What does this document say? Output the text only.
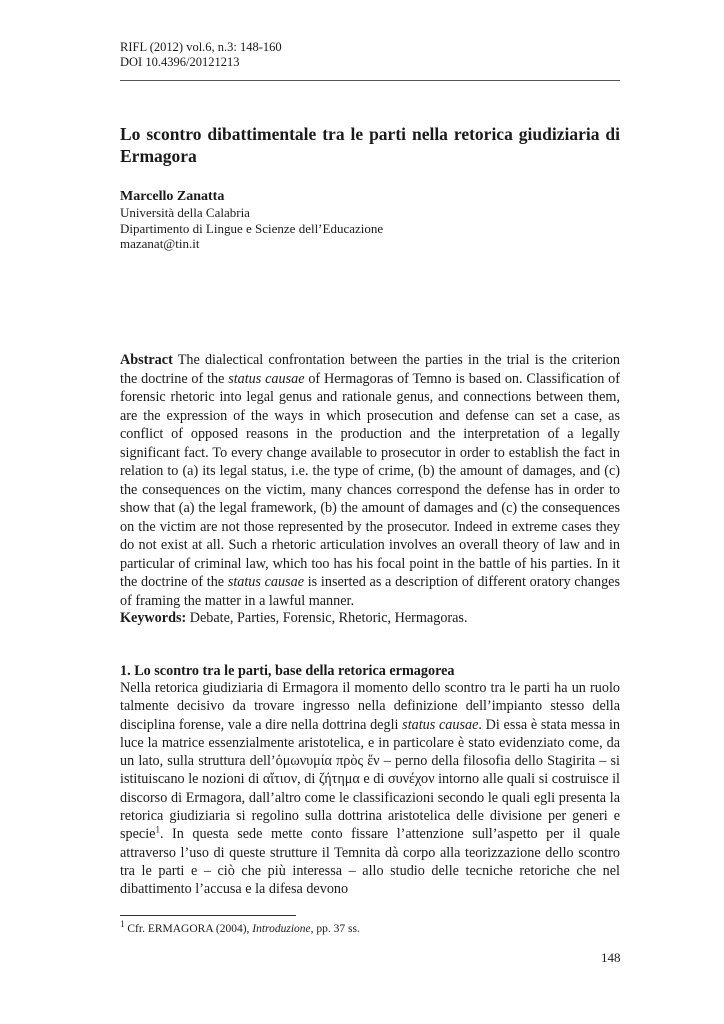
RIFL (2012) vol.6, n.3: 148-160
DOI 10.4396/20121213
Lo scontro dibattimentale tra le parti nella retorica giudiziaria di Ermagora
Marcello Zanatta
Università della Calabria
Dipartimento di Lingue e Scienze dell’Educazione
mazanat@tin.it

Abstract The dialectical confrontation between the parties in the trial is the criterion the doctrine of the status causae of Hermagoras of Temno is based on. Classification of forensic rhetoric into legal genus and rationale genus, and connections between them, are the expression of the ways in which prosecution and defense can set a case, as conflict of opposed reasons in the production and the interpretation of a legally significant fact. To every change available to prosecutor in order to establish the fact in relation to (a) its legal status, i.e. the type of crime, (b) the amount of damages, and (c) the consequences on the victim, many chances correspond the defense has in order to show that (a) the legal framework, (b) the amount of damages and (c) the consequences on the victim are not those represented by the prosecutor. Indeed in extreme cases they do not exist at all. Such a rhetoric articulation involves an overall theory of law and in particular of criminal law, which too has his focal point in the battle of his parties. In it the doctrine of the status causae is inserted as a description of different oratory changes of framing the matter in a lawful manner.

Keywords: Debate, Parties, Forensic, Rhetoric, Hermagoras.

1. Lo scontro tra le parti, base della retorica ermagorea

Nella retorica giudiziaria di Ermagora il momento dello scontro tra le parti ha un ruolo talmente decisivo da trovare ingresso nella definizione dell’impianto stesso della disciplina forense, vale a dire nella dottrina degli status causae. Di essa è stata messa in luce la matrice essenzialmente aristotelica, e in particolare è stato evidenziato come, da un lato, sulla struttura dell’ὁμωνυμία πρὸς ἕν – perno della filosofia dello Stagirita – si istituiscano le nozioni di αἴτιον, di ζήτημα e di συνέχον intorno alle quali si costruisce il discorso di Ermagora, dall’altro come le classificazioni secondo le quali egli presenta la retorica giudiziaria si regolino sulla dottrina aristotelica delle divisione per generi e specie$^1$. In questa sede mette conto fissare l’attenzione sull’aspetto per il quale attraverso l’uso di queste strutture il Temnita dà corpo alla teorizzazione dello scontro tra le parti e – ciò che più interessa – allo studio delle tecniche retoriche che nel dibattimento l’accusa e la difesa devono

$^1$ Cfr. ERMAGORA (2004), Introduzione, pp. 37 ss.
148
